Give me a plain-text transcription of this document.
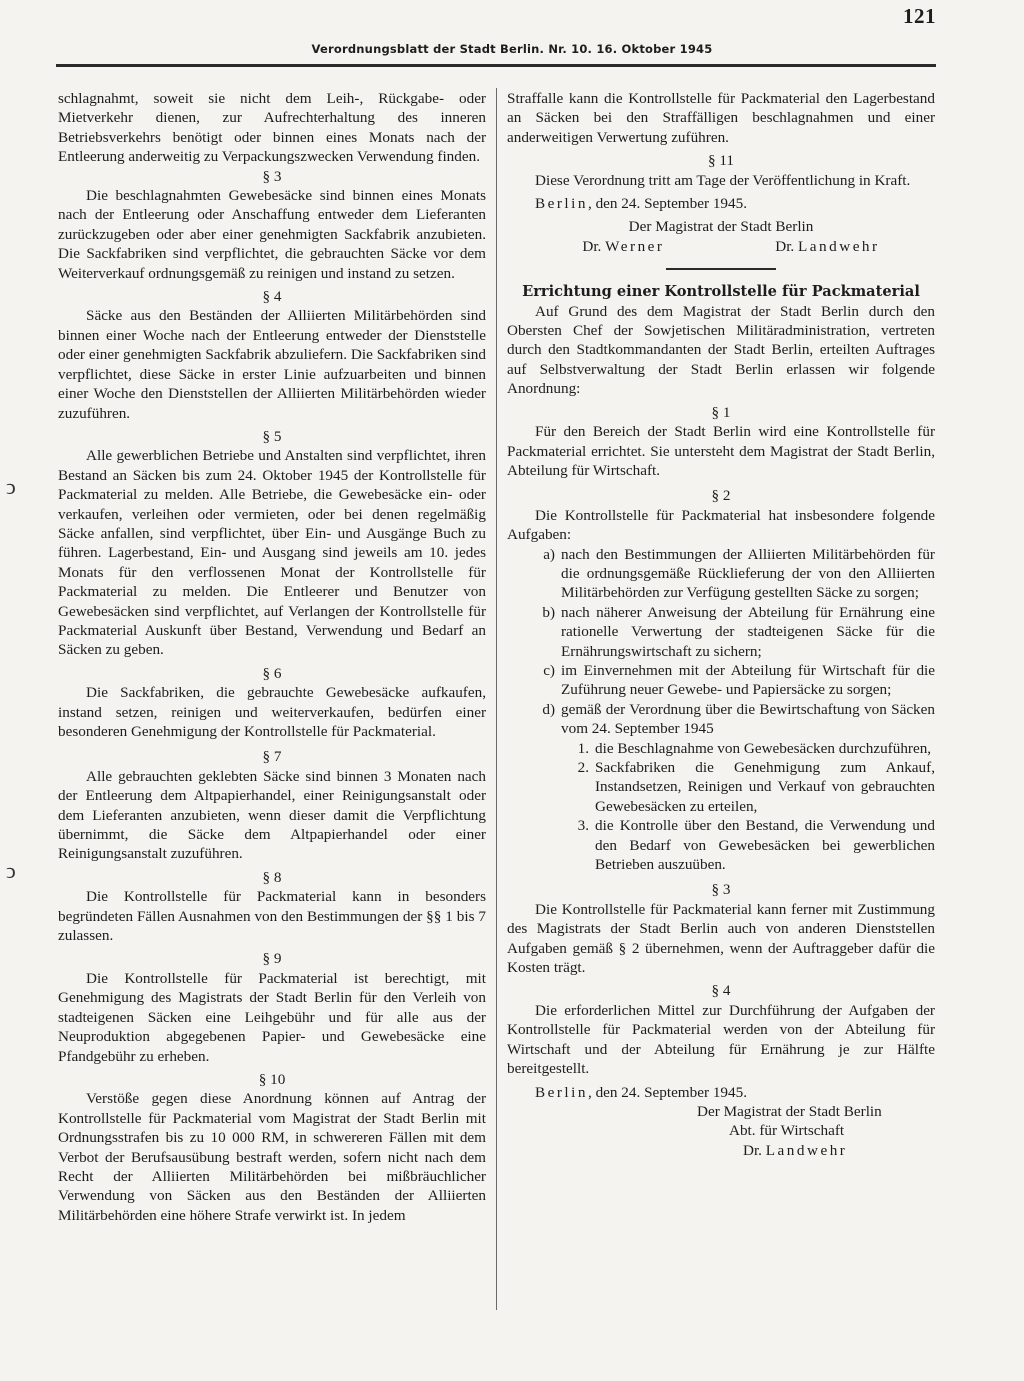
121
Verordnungsblatt der Stadt Berlin. Nr. 10. 16. Oktober 1945
ↄ
ↄ

schlagnahmt, soweit sie nicht dem Leih-, Rückgabe- oder Mietverkehr dienen, zur Aufrechterhaltung des inneren Betriebsverkehrs benötigt oder binnen eines Monats nach der Entleerung anderweitig zu Verpackungszwecken Verwendung finden.

§ 3

Die beschlagnahmten Gewebesäcke sind binnen eines Monats nach der Entleerung oder Anschaffung entweder dem Lieferanten zurückzugeben oder aber einer genehmigten Sackfabrik anzubieten. Die Sackfabriken sind verpflichtet, die gebrauchten Säcke vor dem Weiterverkauf ordnungsgemäß zu reinigen und instand zu setzen.

§ 4

Säcke aus den Beständen der Alliierten Militärbehörden sind binnen einer Woche nach der Entleerung entweder der Dienststelle oder einer genehmigten Sackfabrik abzuliefern. Die Sackfabriken sind verpflichtet, diese Säcke in erster Linie aufzuarbeiten und binnen einer Woche den Dienststellen der Alliierten Militärbehörden wieder zuzuführen.

§ 5

Alle gewerblichen Betriebe und Anstalten sind verpflichtet, ihren Bestand an Säcken bis zum 24. Oktober 1945 der Kontrollstelle für Packmaterial zu melden. Alle Betriebe, die Gewebesäcke ein- oder verkaufen, verleihen oder vermieten, oder bei denen regelmäßig Säcke anfallen, sind verpflichtet, über Ein- und Ausgänge Buch zu führen. Lagerbestand, Ein- und Ausgang sind jeweils am 10. jedes Monats für den verflossenen Monat der Kontrollstelle für Packmaterial zu melden. Die Entleerer und Benutzer von Gewebesäcken sind verpflichtet, auf Verlangen der Kontrollstelle für Packmaterial Auskunft über Bestand, Verwendung und Bedarf an Säcken zu geben.

§ 6

Die Sackfabriken, die gebrauchte Gewebesäcke aufkaufen, instand setzen, reinigen und weiterverkaufen, bedürfen einer besonderen Genehmigung der Kontrollstelle für Packmaterial.

§ 7

Alle gebrauchten geklebten Säcke sind binnen 3 Monaten nach der Entleerung dem Altpapierhandel, einer Reinigungsanstalt oder dem Lieferanten anzubieten, wenn dieser damit die Verpflichtung übernimmt, die Säcke dem Altpapierhandel oder einer Reinigungsanstalt zuzuführen.

§ 8

Die Kontrollstelle für Packmaterial kann in besonders begründeten Fällen Ausnahmen von den Bestimmungen der §§ 1 bis 7 zulassen.

§ 9

Die Kontrollstelle für Packmaterial ist berechtigt, mit Genehmigung des Magistrats der Stadt Berlin für den Verleih von stadteigenen Säcken eine Leihgebühr und für alle aus der Neuproduktion abgegebenen Papier- und Gewebesäcke eine Pfandgebühr zu erheben.

§ 10

Verstöße gegen diese Anordnung können auf Antrag der Kontrollstelle für Packmaterial vom Magistrat der Stadt Berlin mit Ordnungsstrafen bis zu 10 000 RM, in schwereren Fällen mit dem Verbot der Berufsausübung bestraft werden, sofern nicht nach dem Recht der Alliierten Militärbehörden bei mißbräuchlicher Verwendung von Säcken aus den Beständen der Alliierten Militärbehörden eine höhere Strafe verwirkt ist. In jedem

Straffalle kann die Kontrollstelle für Packmaterial den Lagerbestand an Säcken bei den Straffälligen beschlagnahmen und einer anderweitigen Verwertung zuführen.

§ 11

Diese Verordnung tritt am Tage der Veröffentlichung in Kraft.

Berlin, den 24. September 1945.

Der Magistrat der Stadt Berlin

Dr. Werner	Dr. Landwehr

Errichtung einer Kontrollstelle für Packmaterial

Auf Grund des dem Magistrat der Stadt Berlin durch den Obersten Chef der Sowjetischen Militäradministration, vertreten durch den Stadtkommandanten der Stadt Berlin, erteilten Auftrages auf Selbstverwaltung der Stadt Berlin erlassen wir folgende Anordnung:

§ 1

Für den Bereich der Stadt Berlin wird eine Kontrollstelle für Packmaterial errichtet. Sie untersteht dem Magistrat der Stadt Berlin, Abteilung für Wirtschaft.

§ 2

Die Kontrollstelle für Packmaterial hat insbesondere folgende Aufgaben:

a) nach den Bestimmungen der Alliierten Militärbehörden für die ordnungsgemäße Rücklieferung der von den Alliierten Militärbehörden zur Verfügung gestellten Säcke zu sorgen;
b) nach näherer Anweisung der Abteilung für Ernährung eine rationelle Verwertung der stadteigenen Säcke für die Ernährungswirtschaft zu sichern;
c) im Einvernehmen mit der Abteilung für Wirtschaft für die Zuführung neuer Gewebe- und Papiersäcke zu sorgen;
d) gemäß der Verordnung über die Bewirtschaftung von Säcken vom 24. September 1945
1. die Beschlagnahme von Gewebesäcken durchzuführen,
2. Sackfabriken die Genehmigung zum Ankauf, Instandsetzen, Reinigen und Verkauf von gebrauchten Gewebesäcken zu erteilen,
3. die Kontrolle über den Bestand, die Verwendung und den Bedarf von Gewebesäcken bei gewerblichen Betrieben auszuüben.

§ 3

Die Kontrollstelle für Packmaterial kann ferner mit Zustimmung des Magistrats der Stadt Berlin auch von anderen Dienststellen Aufgaben gemäß § 2 übernehmen, wenn der Auftraggeber dafür die Kosten trägt.

§ 4

Die erforderlichen Mittel zur Durchführung der Aufgaben der Kontrollstelle für Packmaterial werden von der Abteilung für Wirtschaft und der Abteilung für Ernährung je zur Hälfte bereitgestellt.

Berlin, den 24. September 1945.

Der Magistrat der Stadt Berlin

Abt. für Wirtschaft

Dr. Landwehr
